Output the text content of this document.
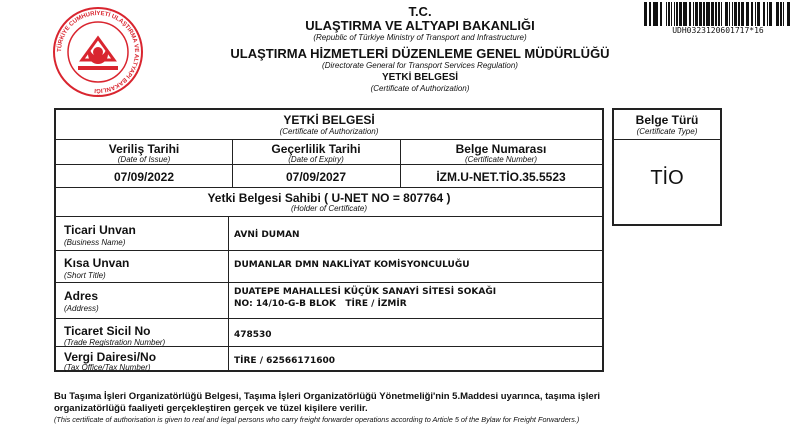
TÜRKİYE CUMHURİYETİ ULAŞTIRMA VE ALTYAPI BAKANLIĞI
UDH0323120601717*16
T.C.
ULAŞTIRMA VE ALTYAPI BAKANLIĞI
(Republic of Türkiye Ministry of Transport and Infrastructure)
ULAŞTIRMA HİZMETLERİ DÜZENLEME GENEL MÜDÜRLÜĞÜ
(Directorate General for Transport Services Regulation)
YETKİ BELGESİ
(Certificate of Authorization)
YETKİ BELGESİ
(Certificate of Authorization)
Veriliş Tarihi
(Date of Issue)
Geçerlilik Tarihi
(Date of Expiry)
Belge Numarası
(Certificate Number)
07/09/2022	07/09/2027	İZM.U-NET.TİO.35.5523
Yetki Belgesi Sahibi ( U-NET NO = 807764 )
(Holder of Certificate)
Ticari Unvan
(Business Name)
AVNİ DUMAN
Kısa Unvan
(Short Title)
DUMANLAR DMN NAKLİYAT KOMİSYONCULUĞU
Adres
(Address)
DUATEPE MAHALLESİ KÜÇÜK SANAYİ SİTESİ SOKAĞI
NO: 14/10-G-B BLOK   TİRE / İZMİR
Ticaret Sicil No
(Trade Registration Number)
478530
Vergi Dairesi/No
(Tax Office/Tax Number)
TİRE / 62566171600
Belge Türü
(Certificate Type)
TİO
Bu Taşıma İşleri Organizatörlüğü Belgesi, Taşıma İşleri Organizatörlüğü Yönetmeliği'nin 5.Maddesi uyarınca, taşıma işleri
organizatörlüğü faaliyeti gerçekleştiren gerçek ve tüzel kişilere verilir.
(This certificate of authorisation is given to real and legal persons who carry freight forwarder operations according to Article 5 of the Bylaw for Freight Forwarders.)
